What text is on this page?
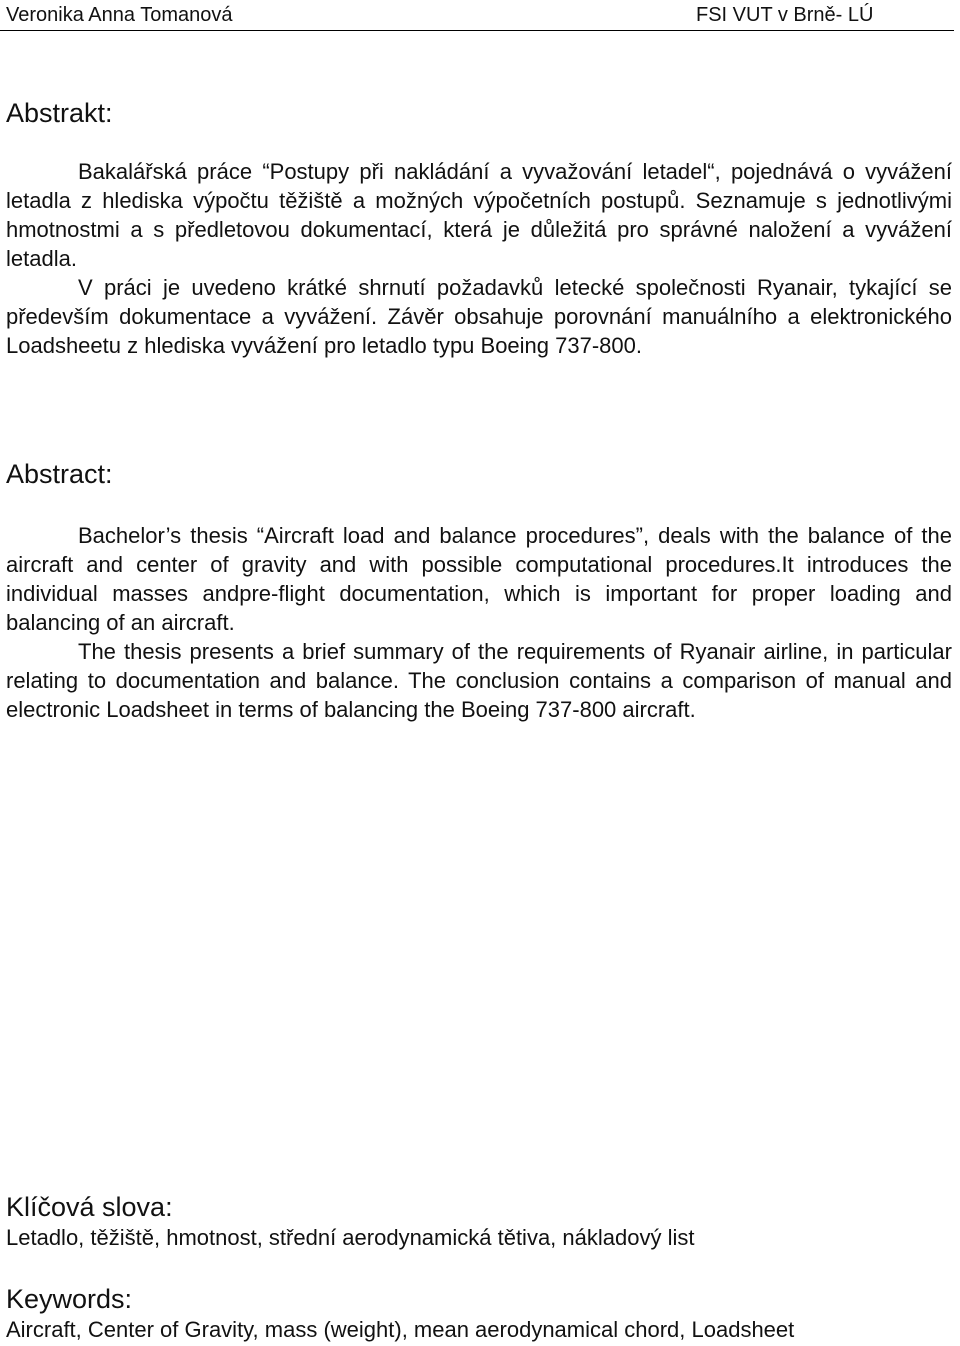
Veronika Anna Tomanová	FSI VUT v Brně- LÚ
Abstrakt:

Bakalářská práce “Postupy při nakládání a vyvažování letadel“, pojednává o vyvážení letadla z hlediska výpočtu těžiště a možných výpočetních postupů. Seznamuje s jednotlivými hmotnostmi a s předletovou dokumentací, která je důležitá pro správné naložení a vyvážení letadla.

V práci je uvedeno krátké shrnutí požadavků letecké společnosti Ryanair, tykající se především dokumentace a vyvážení. Závěr obsahuje porovnání manuálního a elektronického Loadsheetu z hlediska vyvážení pro letadlo typu Boeing 737-800.

Abstract:

Bachelor’s thesis “Aircraft load and balance procedures”, deals with the balance of the aircraft and center of gravity and with possible computational procedures.It introduces the individual masses andpre-flight documentation, which is important for proper loading and balancing of an aircraft.

The thesis presents a brief summary of the requirements of Ryanair airline, in particular relating to documentation and balance. The conclusion contains a comparison of manual and electronic Loadsheet in terms of balancing the Boeing 737-800 aircraft.

Klíčová slova:
Letadlo, těžiště, hmotnost, střední aerodynamická tětiva, nákladový list
Keywords:
Aircraft, Center of Gravity, mass (weight), mean aerodynamical chord, Loadsheet
